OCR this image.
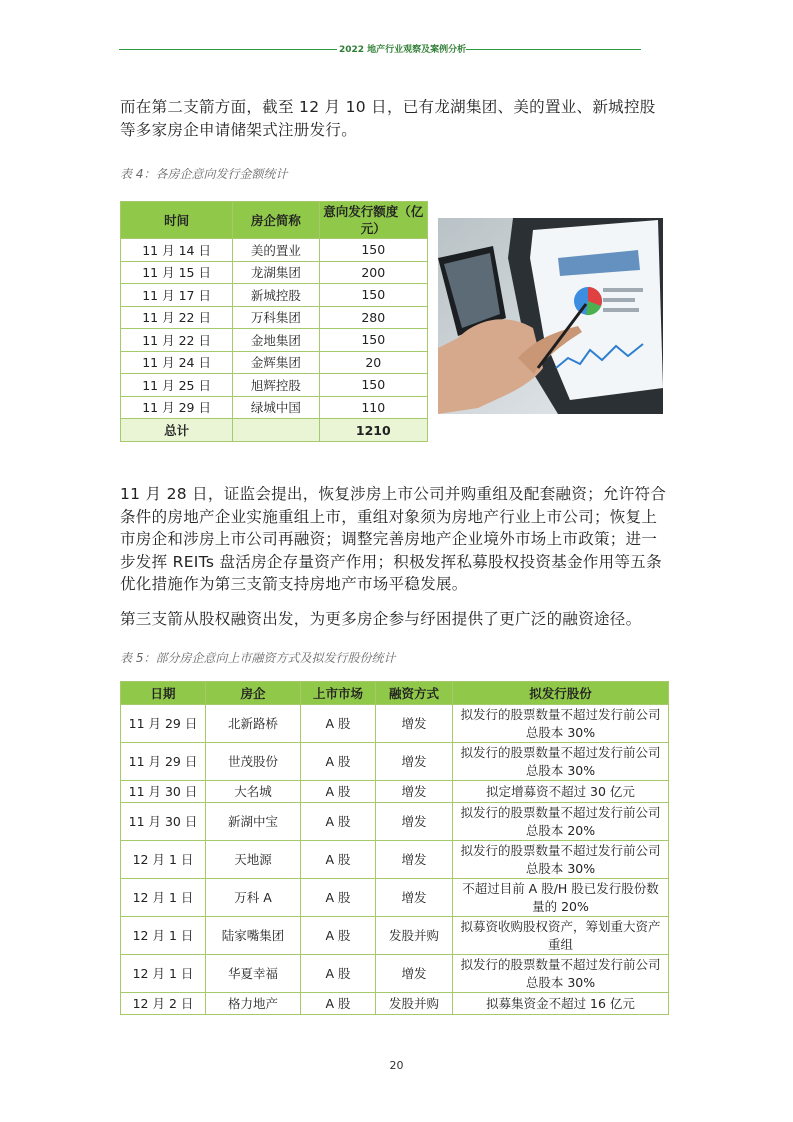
2022 地产行业观察及案例分析
而在第二支箭方面，截至 12 月 10 日，已有龙湖集团、美的置业、新城控股等多家房企申请储架式注册发行。
表 4：各房企意向发行金额统计
时间	房企简称	意向发行额度（亿元）
11 月 14 日	美的置业	150
11 月 15 日	龙湖集团	200
11 月 17 日	新城控股	150
11 月 22 日	万科集团	280
11 月 22 日	金地集团	150
11 月 24 日	金辉集团	20
11 月 25 日	旭辉控股	150
11 月 29 日	绿城中国	110
总计		1210
11 月 28 日，证监会提出，恢复涉房上市公司并购重组及配套融资；允许符合条件的房地产企业实施重组上市，重组对象须为房地产行业上市公司；恢复上市房企和涉房上市公司再融资；调整完善房地产企业境外市场上市政策；进一步发挥 REITs 盘活房企存量资产作用；积极发挥私募股权投资基金作用等五条优化措施作为第三支箭支持房地产市场平稳发展。
第三支箭从股权融资出发，为更多房企参与纾困提供了更广泛的融资途径。
表 5：部分房企意向上市融资方式及拟发行股份统计
日期	房企	上市市场	融资方式	拟发行股份
11 月 29 日	北新路桥	A 股	增发	拟发行的股票数量不超过发行前公司总股本 30%
11 月 29 日	世茂股份	A 股	增发	拟发行的股票数量不超过发行前公司总股本 30%
11 月 30 日	大名城	A 股	增发	拟定增募资不超过 30 亿元
11 月 30 日	新湖中宝	A 股	增发	拟发行的股票数量不超过发行前公司总股本 20%
12 月 1 日	天地源	A 股	增发	拟发行的股票数量不超过发行前公司总股本 30%
12 月 1 日	万科 A	A 股	增发	不超过目前 A 股/H 股已发行股份数量的 20%
12 月 1 日	陆家嘴集团	A 股	发股并购	拟募资收购股权资产，筹划重大资产重组
12 月 1 日	华夏幸福	A 股	增发	拟发行的股票数量不超过发行前公司总股本 30%
12 月 2 日	格力地产	A 股	发股并购	拟募集资金不超过 16 亿元
20
